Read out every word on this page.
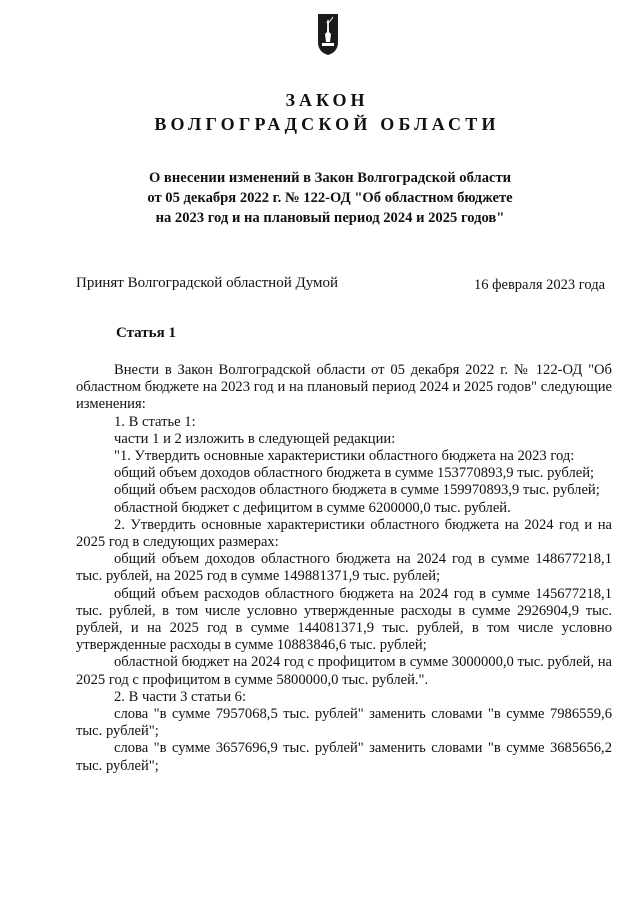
ЗАКОН
ВОЛГОГРАДСКОЙ ОБЛАСТИ
О внесении изменений в Закон Волгоградской области
от 05 декабря 2022 г. № 122-ОД "Об областном бюджете
на 2023 год и на плановый период 2024 и 2025 годов"
Принят Волгоградской областной Думой	16 февраля 2023 года
Статья 1
Внести в Закон Волгоградской области от 05 декабря 2022 г. № 122-ОД "Об областном бюджете на 2023 год и на плановый период 2024 и 2025 годов" следующие изменения:
1. В статье 1:
части 1 и 2 изложить в следующей редакции:
"1. Утвердить основные характеристики областного бюджета на 2023 год:
общий объем доходов областного бюджета в сумме 153770893,9 тыс. рублей;
общий объем расходов областного бюджета в сумме 159970893,9 тыс. рублей;
областной бюджет с дефицитом в сумме 6200000,0 тыс. рублей.
2. Утвердить основные характеристики областного бюджета на 2024 год и на 2025 год в следующих размерах:
общий объем доходов областного бюджета на 2024 год в сумме 148677218,1 тыс. рублей, на 2025 год в сумме 149881371,9 тыс. рублей;
общий объем расходов областного бюджета на 2024 год в сумме 145677218,1 тыс. рублей, в том числе условно утвержденные расходы в сумме 2926904,9 тыс. рублей, и на 2025 год в сумме 144081371,9 тыс. рублей, в том числе условно утвержденные расходы в сумме 10883846,6 тыс. рублей;
областной бюджет на 2024 год с профицитом в сумме 3000000,0 тыс. рублей, на 2025 год с профицитом в сумме 5800000,0 тыс. рублей.".
2. В части 3 статьи 6:
слова "в сумме 7957068,5 тыс. рублей" заменить словами "в сумме 7986559,6 тыс. рублей";
слова "в сумме 3657696,9 тыс. рублей" заменить словами "в сумме 3685656,2 тыс. рублей";
